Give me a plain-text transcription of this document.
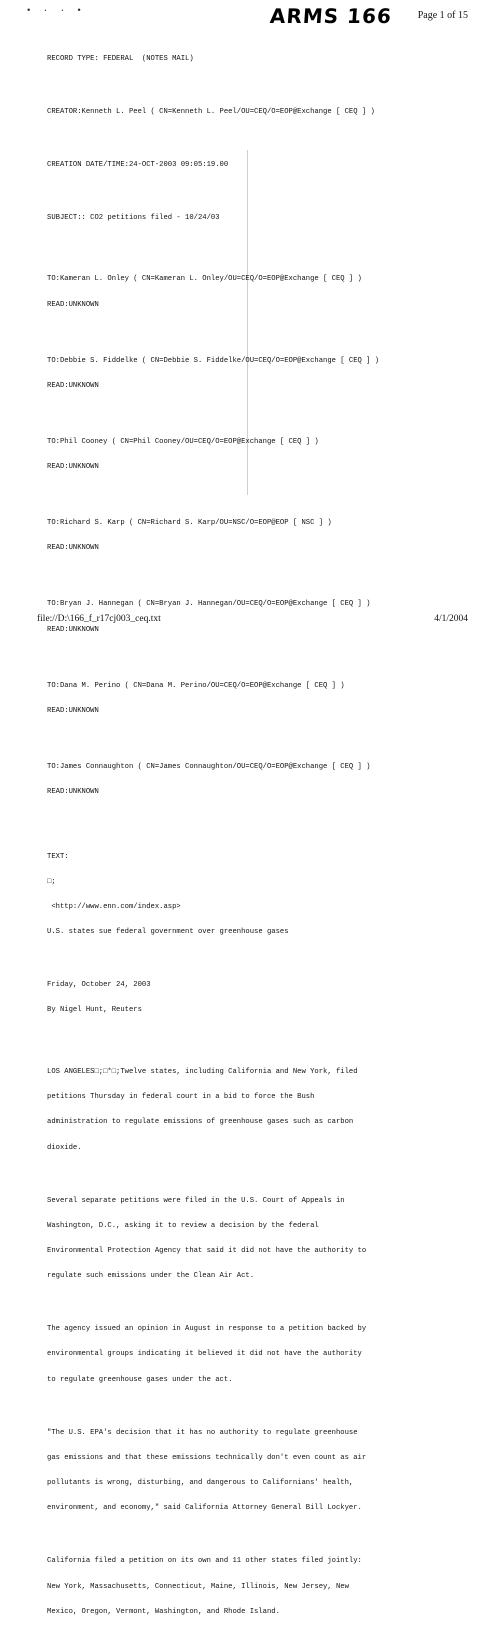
• · · •	ARMS 166 Page 1 of 15

RECORD TYPE: FEDERAL  (NOTES MAIL)

CREATOR:Kenneth L. Peel ( CN=Kenneth L. Peel/OU=CEQ/O=EOP@Exchange [ CEQ ] )

CREATION DATE/TIME:24-OCT-2003 09:05:19.00

SUBJECT:: CO2 petitions filed - 10/24/03

TO:Kameran L. Onley ( CN=Kameran L. Onley/OU=CEQ/O=EOP@Exchange [ CEQ ] )

READ:UNKNOWN

TO:Debbie S. Fiddelke ( CN=Debbie S. Fiddelke/OU=CEQ/O=EOP@Exchange [ CEQ ] )

READ:UNKNOWN

TO:Phil Cooney ( CN=Phil Cooney/OU=CEQ/O=EOP@Exchange [ CEQ ] )

READ:UNKNOWN

TO:Richard S. Karp ( CN=Richard S. Karp/OU=NSC/O=EOP@EOP [ NSC ] )

READ:UNKNOWN

TO:Bryan J. Hannegan ( CN=Bryan J. Hannegan/OU=CEQ/O=EOP@Exchange [ CEQ ] )

READ:UNKNOWN

TO:Dana M. Perino ( CN=Dana M. Perino/OU=CEQ/O=EOP@Exchange [ CEQ ] )

READ:UNKNOWN

TO:James Connaughton ( CN=James Connaughton/OU=CEQ/O=EOP@Exchange [ CEQ ] )

READ:UNKNOWN

TEXT:

□;

<http://www.enn.com/index.asp>

U.S. states sue federal government over greenhouse gases

Friday, October 24, 2003

By Nigel Hunt, Reuters

LOS ANGELES□;□*□;Twelve states, including California and New York, filed

petitions Thursday in federal court in a bid to force the Bush

administration to regulate emissions of greenhouse gases such as carbon

dioxide.

Several separate petitions were filed in the U.S. Court of Appeals in

Washington, D.C., asking it to review a decision by the federal

Environmental Protection Agency that said it did not have the authority to

regulate such emissions under the Clean Air Act.

The agency issued an opinion in August in response to a petition backed by

environmental groups indicating it believed it did not have the authority

to regulate greenhouse gases under the act.

"The U.S. EPA's decision that it has no authority to regulate greenhouse

gas emissions and that these emissions technically don't even count as air

pollutants is wrong, disturbing, and dangerous to Californians' health,

environment, and economy," said California Attorney General Bill Lockyer.

California filed a petition on its own and 11 other states filed jointly:

New York, Massachusetts, Connecticut, Maine, Illinois, New Jersey, New

Mexico, Oregon, Vermont, Washington, and Rhode Island.

file://D:\166_f_r17cj003_ceq.txt	4/1/2004
